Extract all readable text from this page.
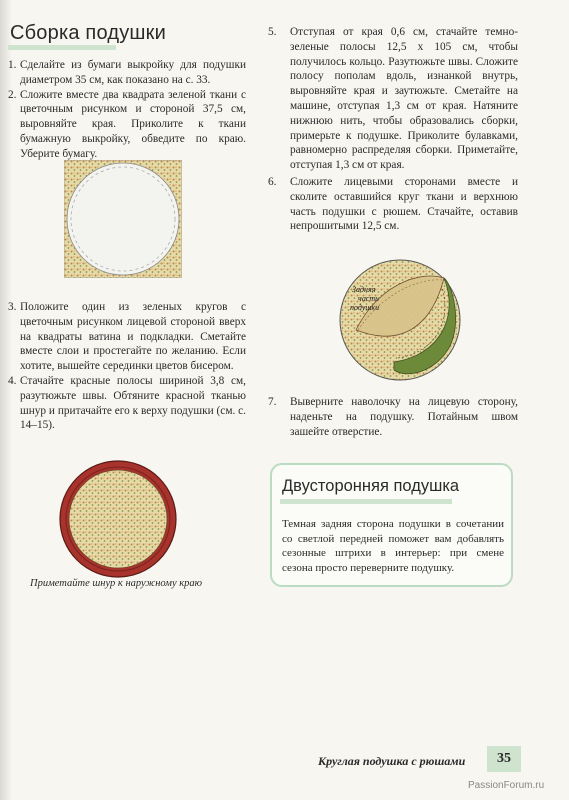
Сборка подушки
1. Сделайте из бумаги выкройку для подушки диаметром 35 см, как показано на с. 33.
2. Сложите вместе два квадрата зеленой ткани с цветочным рисунком и стороной 37,5 см, выровняйте края. Приколите к ткани бумажную выкройку, обведите по краю. Уберите бумагу.
3. Положите один из зеленых кругов с цветочным рисунком лицевой стороной вверх на квадраты ватина и подкладки. Сметайте вместе слои и простегайте по желанию. Если хотите, вышейте серединки цветов бисером.
4. Стачайте красные полосы шириной 3,8 см, разутюжьте швы. Обтяните красной тканью шнур и притачайте его к верху подушки (см. с. 14–15).
Приметайте шнур к наружному краю
5. Отступая от края 0,6 см, стачайте темно-зеленые полосы 12,5 x 105 см, чтобы получилось кольцо. Разутюжьте швы. Сложите полосу пополам вдоль, изнанкой внутрь, выровняйте края и заутюжьте. Сметайте на машине, отступая 1,3 см от края. Натяните нижнюю нить, чтобы образовались сборки, примерьте к подушке. Приколите булавками, равномерно распределяя сборки. Приметайте, отступая 1,3 см от края.
6. Сложите лицевыми сторонами вместе и сколите оставшийся круг ткани и верхнюю часть подушки с рюшем. Стачайте, оставив непрошитыми 12,5 см.
Задняя
часть
подушки
7. Выверните наволочку на лицевую сторону, наденьте на подушку. Потайным швом зашейте отверстие.
Двусторонняя подушка

Темная задняя сторона подушки в сочетании со светлой передней поможет вам добавлять сезонные штрихи в интерьер: при смене сезона просто переверните подушку.

Круглая подушка с рюшами	35
PassionForum.ru
